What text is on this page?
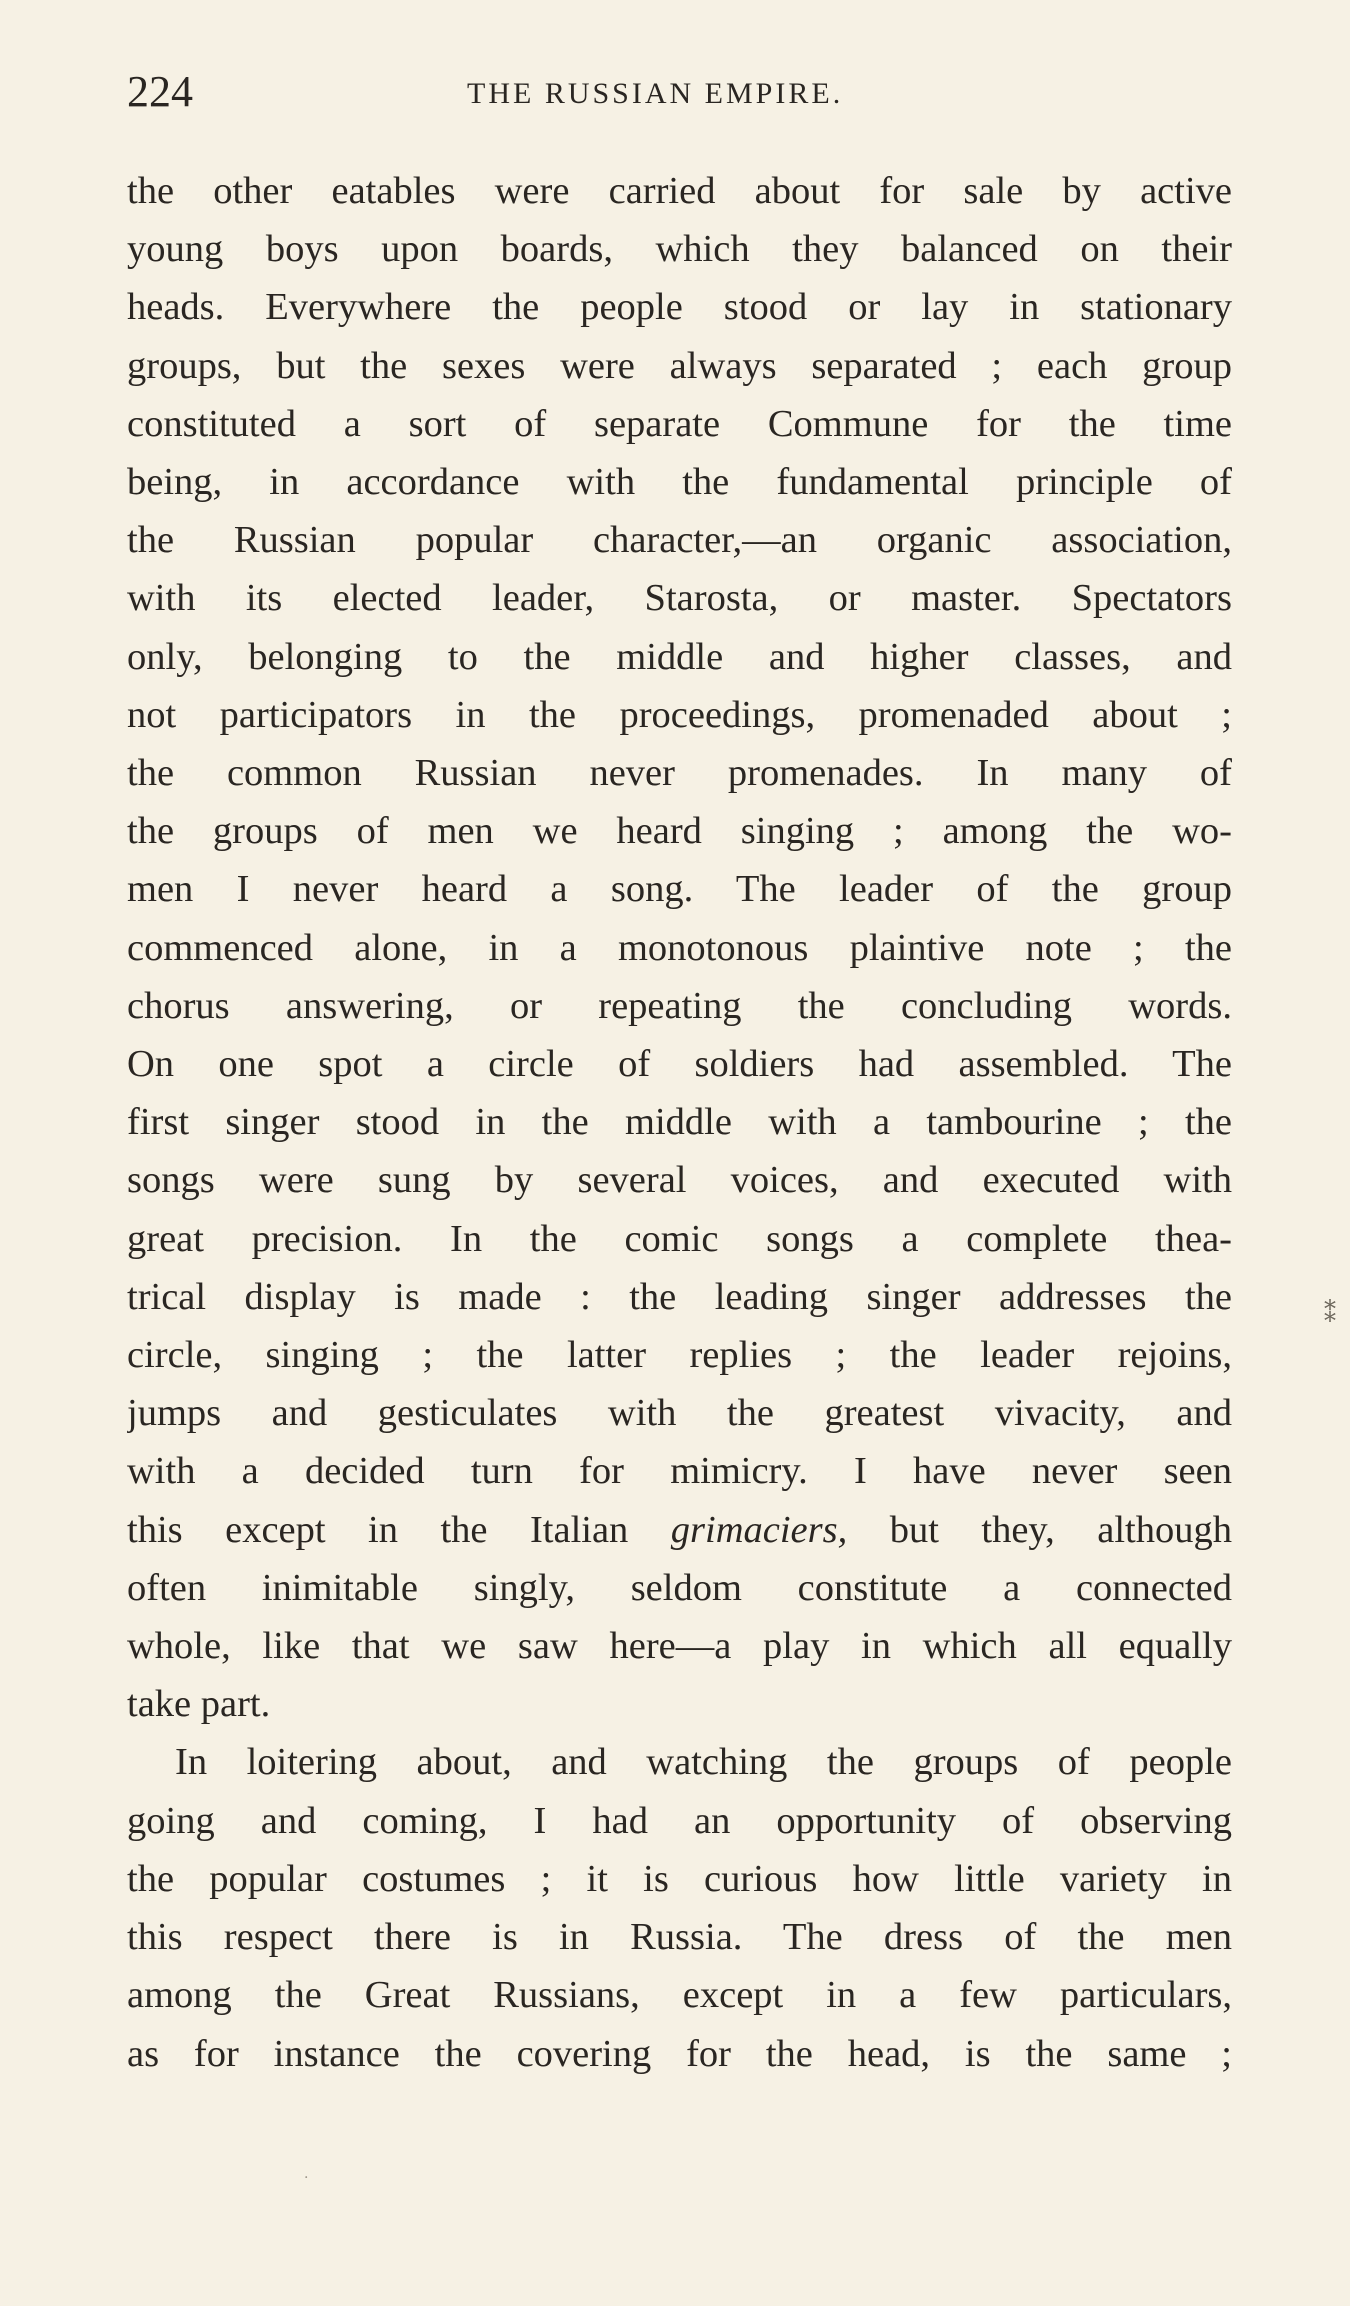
224	THE RUSSIAN EMPIRE.

the other eatables were carried about for sale by active
young boys upon boards, which they balanced on their
heads. Everywhere the people stood or lay in stationary
groups, but the sexes were always separated ; each group
constituted a sort of separate Commune for the time
being, in accordance with the fundamental principle of
the Russian popular character,—an organic association,
with its elected leader, Starosta, or master. Spectators
only, belonging to the middle and higher classes, and
not participators in the proceedings, promenaded about ;
the common Russian never promenades. In many of
the groups of men we heard singing ; among the wo-
men I never heard a song. The leader of the group
commenced alone, in a monotonous plaintive note ; the
chorus answering, or repeating the concluding words.
On one spot a circle of soldiers had assembled. The
first singer stood in the middle with a tambourine ; the
songs were sung by several voices, and executed with
great precision. In the comic songs a complete thea-
trical display is made : the leading singer addresses the
circle, singing ; the latter replies ; the leader rejoins,
jumps and gesticulates with the greatest vivacity, and
with a decided turn for mimicry. I have never seen
this except in the Italian grimaciers, but they, although
often inimitable singly, seldom constitute a connected
whole, like that we saw here—a play in which all equally
take part.

In loitering about, and watching the groups of people
going and coming, I had an opportunity of observing
the popular costumes ; it is curious how little variety in
this respect there is in Russia. The dress of the men
among the Great Russians, except in a few particulars,
as for instance the covering for the head, is the same ;

⁑
·
